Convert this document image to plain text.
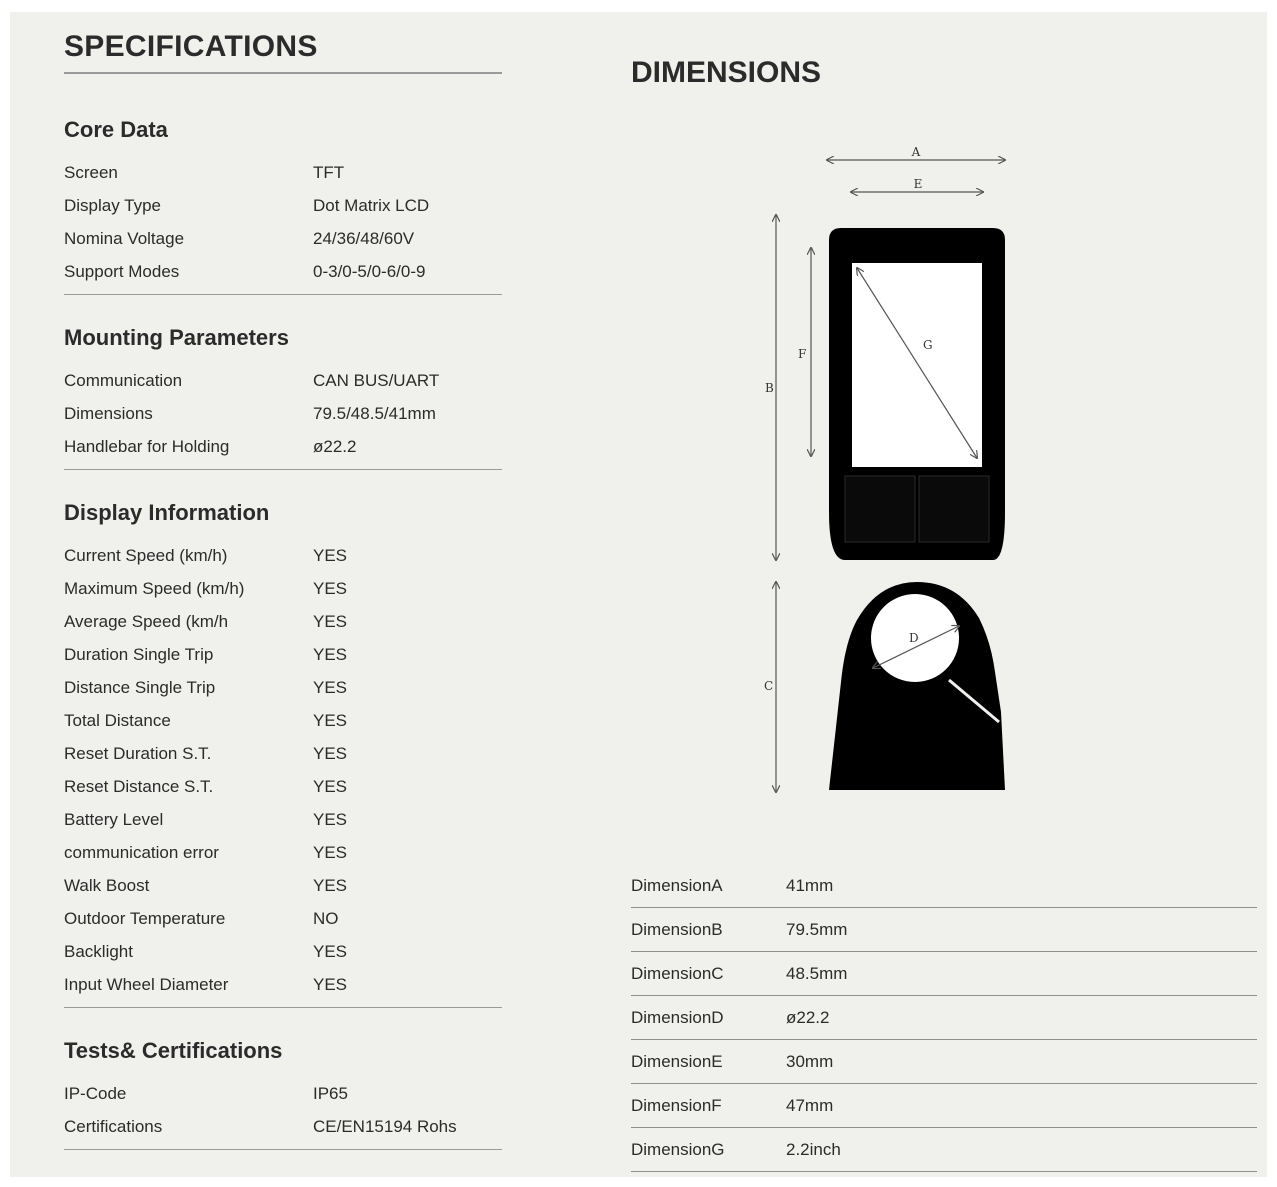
SPECIFICATIONS
Core Data
Screen	TFT
Display Type	Dot Matrix LCD
Nomina Voltage	24/36/48/60V
Support Modes	0-3/0-5/0-6/0-9
Mounting Parameters
Communication	CAN BUS/UART
Dimensions	79.5/48.5/41mm
Handlebar for Holding	ø22.2
Display Information
Current Speed (km/h)	YES
Maximum Speed (km/h)	YES
Average Speed (km/h	YES
Duration Single Trip	YES
Distance Single Trip	YES
Total Distance	YES
Reset Duration S.T.	YES
Reset Distance S.T.	YES
Battery Level	YES
communication error	YES
Walk Boost	YES
Outdoor Temperature	NO
Backlight	YES
Input Wheel Diameter	YES
Tests& Certifications
IP-Code	IP65
Certifications	CE/EN15194 Rohs
DIMENSIONS
A
E
B
F
C
G
D
DimensionA	41mm
DimensionB	79.5mm
DimensionC	48.5mm
DimensionD	ø22.2
DimensionE	30mm
DimensionF	47mm
DimensionG	2.2inch
